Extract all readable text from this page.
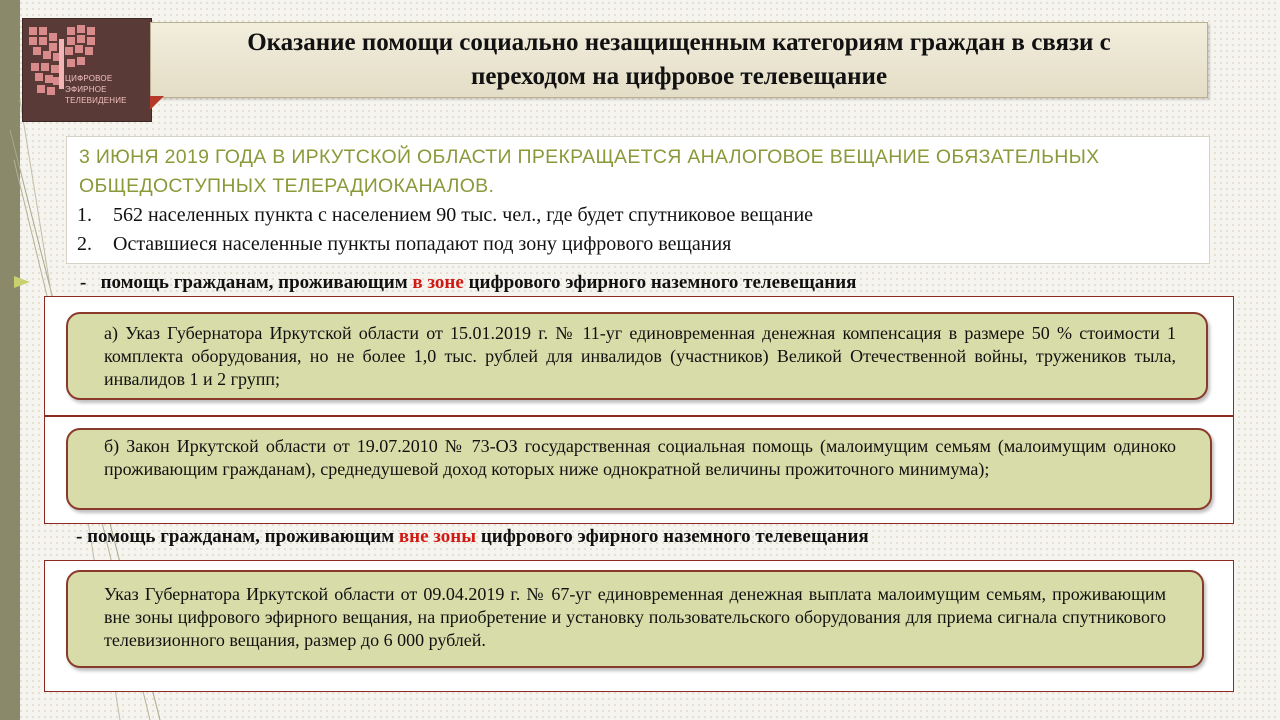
ЦИФРОВОЕ
ЭФИРНОЕ
ТЕЛЕВИДЕНИЕ
Оказание помощи социально незащищенным категориям граждан в связи с
переходом на цифровое телевещание
3 ИЮНЯ 2019 ГОДА В ИРКУТСКОЙ ОБЛАСТИ ПРЕКРАЩАЕТСЯ АНАЛОГОВОЕ ВЕЩАНИЕ ОБЯЗАТЕЛЬНЫХ ОБЩЕДОСТУПНЫХ ТЕЛЕРАДИОКАНАЛОВ.
1. 562 населенных пункта с населением 90 тыс. чел., где будет спутниковое вещание
2. Оставшиеся населенные пункты попадают под зону цифрового вещания
-   помощь гражданам, проживающим в зоне цифрового эфирного наземного телевещания
а) Указ Губернатора Иркутской области от 15.01.2019 г. № 11-уг единовременная денежная компенсация в размере 50 % стоимости 1 комплекта оборудования, но не более 1,0 тыс. рублей для инвалидов (участников) Великой Отечественной войны, тружеников тыла, инвалидов 1 и 2 групп;
б) Закон Иркутской области от 19.07.2010 № 73-ОЗ государственная социальная помощь (малоимущим семьям (малоимущим одиноко проживающим гражданам), среднедушевой доход которых ниже однократной величины прожиточного минимума);
- помощь гражданам, проживающим вне зоны цифрового эфирного наземного телевещания
Указ Губернатора Иркутской области от 09.04.2019 г. № 67-уг единовременная денежная выплата малоимущим семьям, проживающим вне зоны цифрового эфирного вещания, на приобретение и установку пользовательского оборудования для приема сигнала спутникового телевизионного вещания, размер до 6 000 рублей.
